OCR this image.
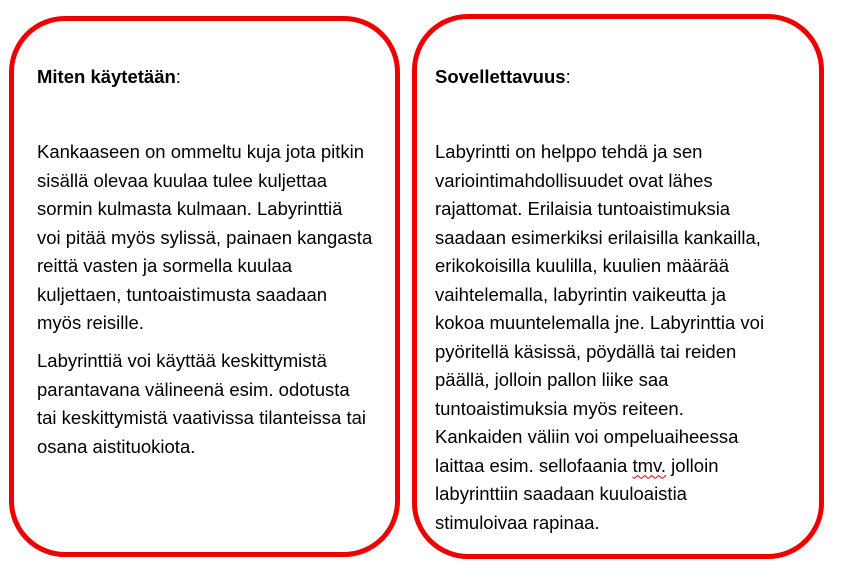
Miten käytetään:
Kankaaseen on ommeltu kuja jota pitkin
sisällä olevaa kuulaa tulee kuljettaa
sormin kulmasta kulmaan. Labyrinttiä
voi pitää myös sylissä, painaen kangasta
reittä vasten ja sormella kuulaa
kuljettaen, tuntoaistimusta saadaan
myös reisille.
Labyrinttiä voi käyttää keskittymistä
parantavana välineenä esim. odotusta
tai keskittymistä vaativissa tilanteissa tai
osana aistituokiota.
Sovellettavuus:
Labyrintti on helppo tehdä ja sen
variointimahdollisuudet ovat lähes
rajattomat. Erilaisia tuntoaistimuksia
saadaan esimerkiksi erilaisilla kankailla,
erikokoisilla kuulilla, kuulien määrää
vaihtelemalla, labyrintin vaikeutta ja
kokoa muuntelemalla jne. Labyrinttia voi
pyöritellä käsissä, pöydällä tai reiden
päällä, jolloin pallon liike saa
tuntoaistimuksia myös reiteen.
Kankaiden väliin voi ompeluaiheessa
laittaa esim. sellofaania tmv. jolloin
labyrinttiin saadaan kuuloaistia
stimuloivaa rapinaa.
